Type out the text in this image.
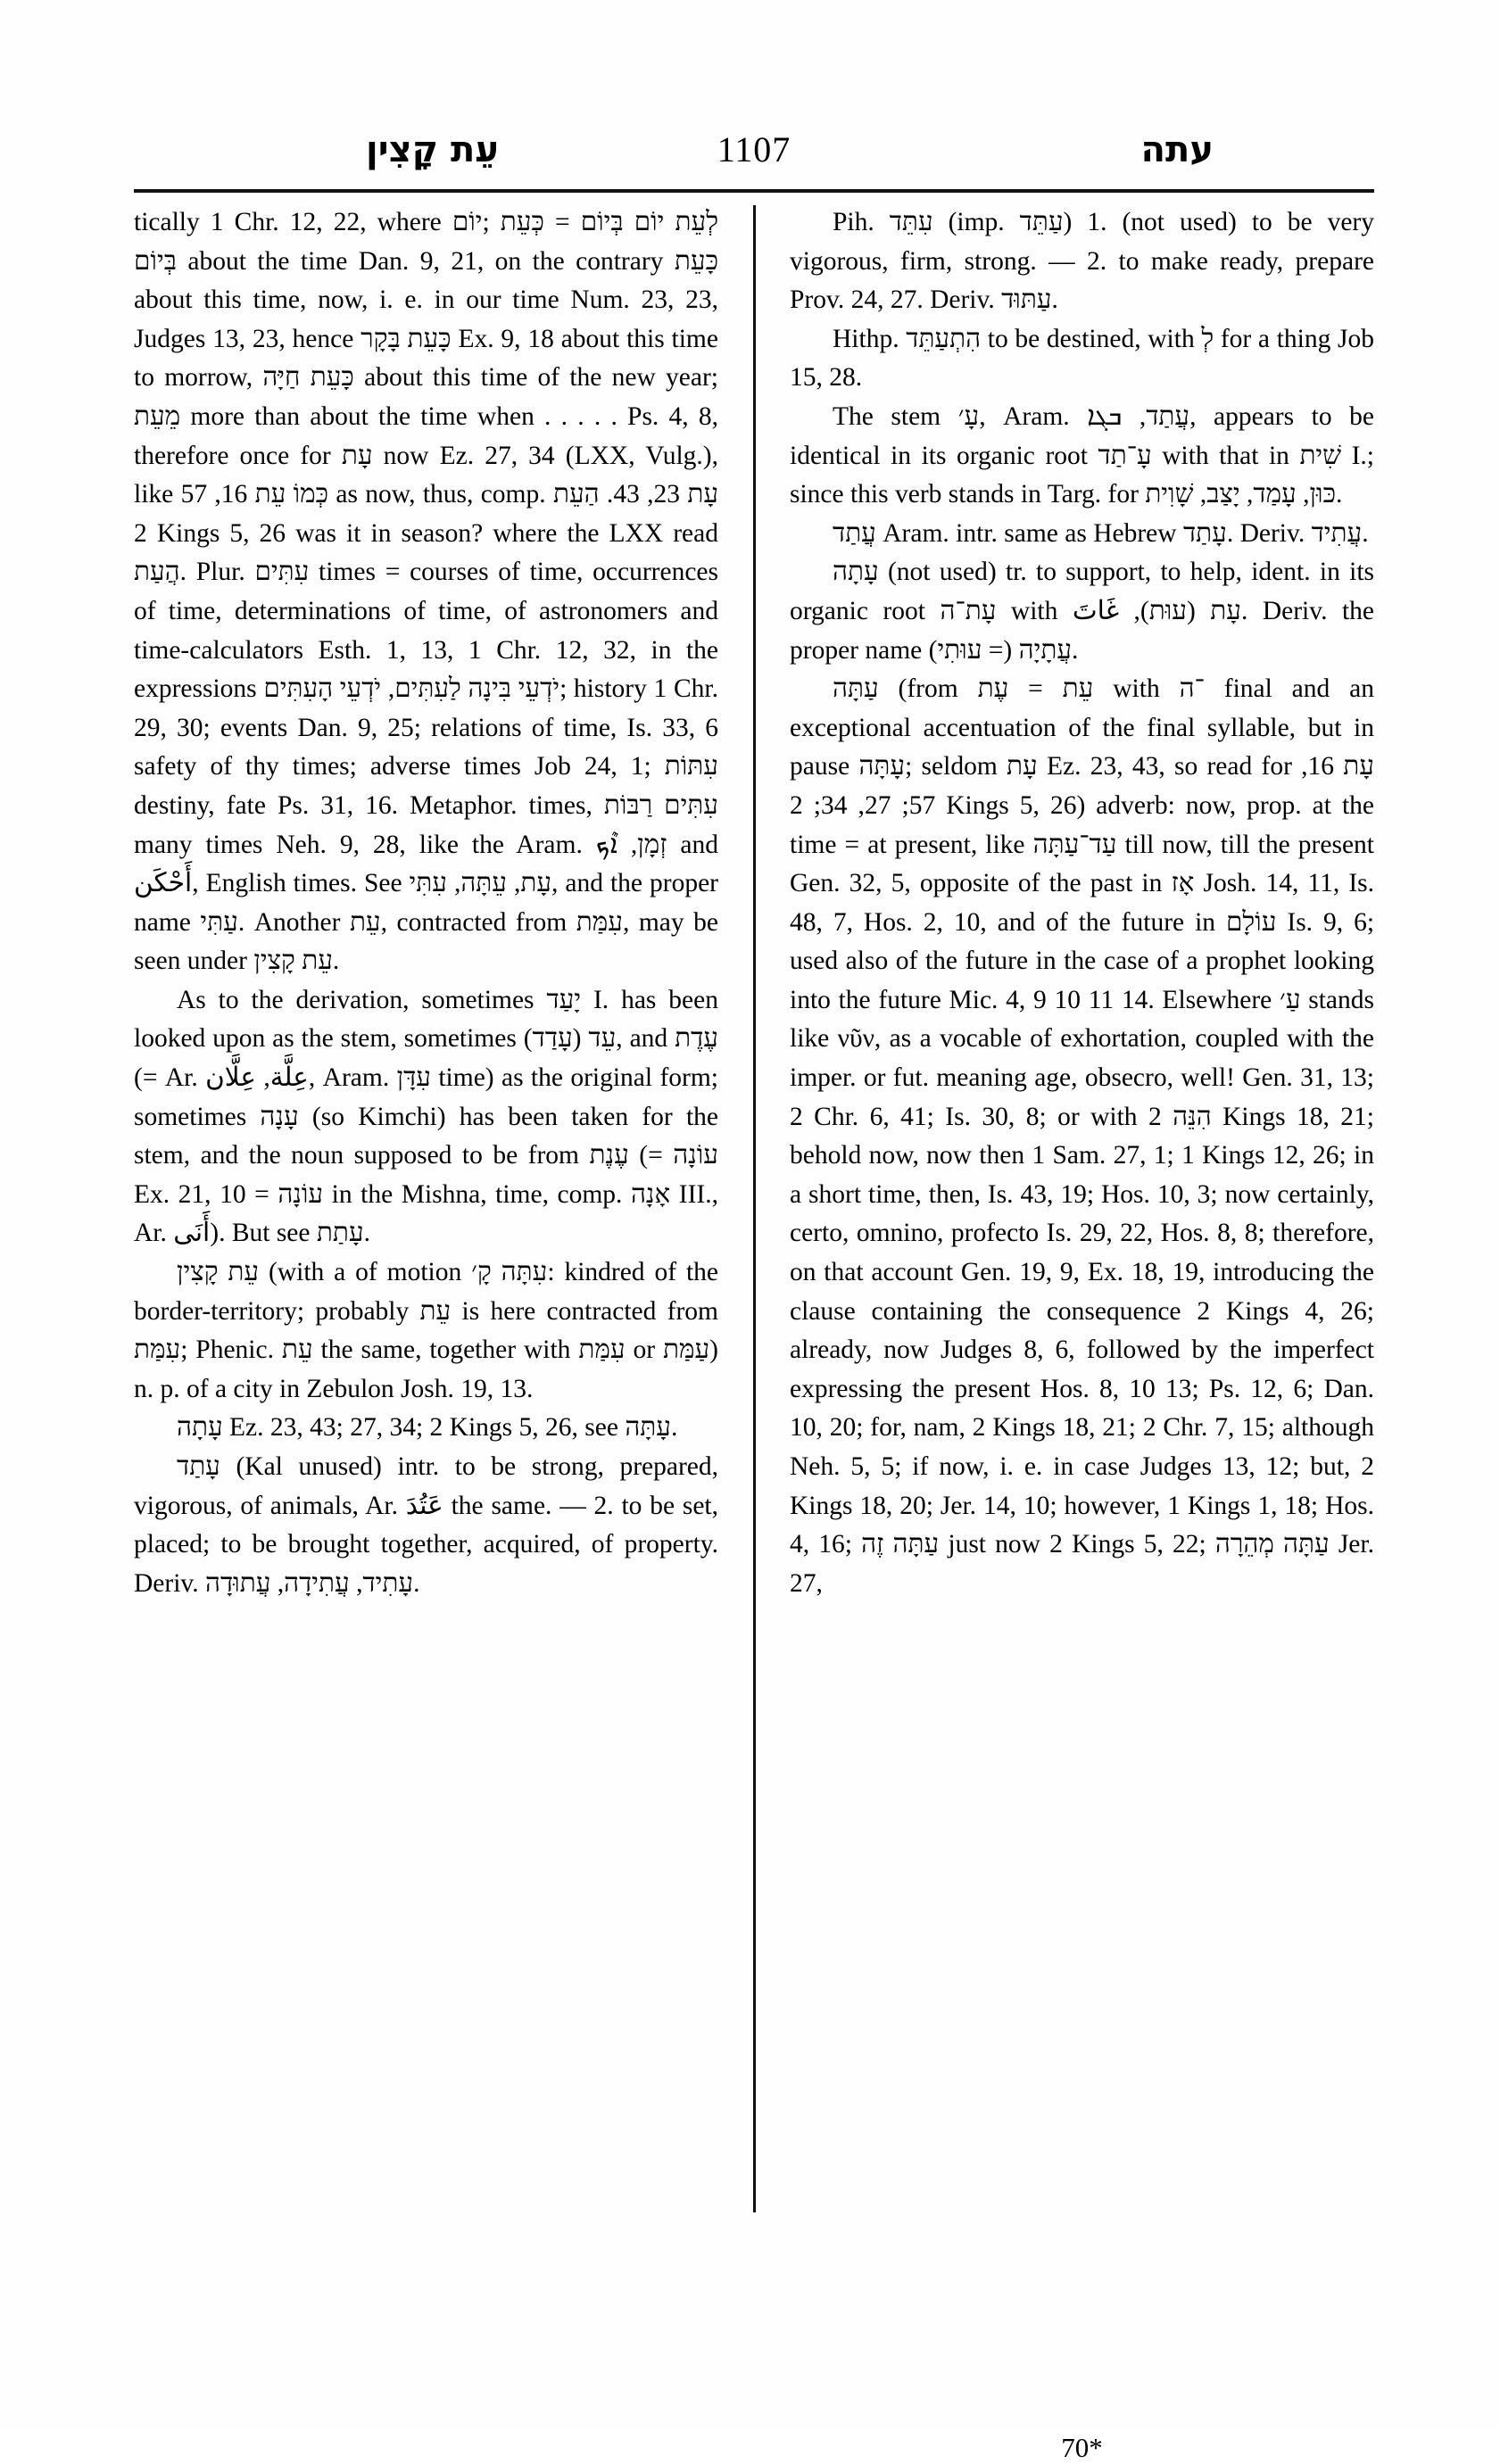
עֵת קָצִין	1107	עתה

tically 1 Chr. 12, 22, where לְעֵת יוֹם בְּיוֹם = כְּעֵת ;יוֹם בְּיוֹם about the time Dan. 9, 21, on the contrary כָּעֵת about this time, now, i. e. in our time Num. 23, 23, Judges 13, 23, hence כָּעֵת בָּקָר Ex. 9, 18 about this time to morrow, כָּעֵת חַיָּה about this time of the new year; מֵעֵת more than about the time when . . . . . Ps. 4, 8, therefore once for עָת now Ez. 27, 34 (LXX, Vulg.), like כְּמוֹ עֵת 16, 57 as now, thus, comp. עָת 23, 43. הַעֵת 2 Kings 5, 26 was it in season? where the LXX read הֲעַת. Plur. עִתִּים times = courses of time, occurrences of time, determinations of time, of astronomers and time-calculators Esth. 1, 13, 1 Chr. 12, 32, in the expressions יֹדְעֵי בִּינָה לַעִתִּים, יֹדְעֵי הָעִתִּים; history 1 Chr. 29, 30; events Dan. 9, 25; relations of time, Is. 33, 6 safety of thy times; adverse times Job 24, 1; עִתּוֹת destiny, fate Ps. 31, 16. Metaphor. times, עִתִּים רַבּוֹת many times Neh. 9, 28, like the Aram. זְמָן, ܐܶܟ and أَحْكَن, English times. See עָת, עֵתָּה, עִתִּי, and the proper name עַתִּי. Another עֵת, contracted from עִמַּת, may be seen under עֵת קָצִין.

As to the derivation, sometimes יָעַד I. has been looked upon as the stem, sometimes עֵד (עָדַד), and עֶדֶת (= Ar. عِلَّة, عِلَّان, Aram. עִדָּן time) as the original form; sometimes עָנָה (so Kimchi) has been taken for the stem, and the noun supposed to be from עֶנֶת (= עוֹנָה Ex. 21, 10 = עוֹנָה in the Mishna, time, comp. אָנָה III., Ar. أَنَى). But see עָתַת.

עֵת קָצִין (with a of motion עִתָּה קָ׳: kindred of the border-territory; probably עֵת is here contracted from עִמַּת; Phenic. עֵת the same, together with עִמַּת or עַמַּת) n. p. of a city in Zebulon Josh. 19, 13.

עָתָה Ez. 23, 43; 27, 34; 2 Kings 5, 26, see עָתָּה.

עָתַד (Kal unused) intr. to be strong, prepared, vigorous, of animals, Ar. عَتُدَ the same. — 2. to be set, placed; to be brought together, acquired, of property. Deriv. עָתִיד, עֲתִידָה, עֲתוּדָה.

Pih. עִתֵּד (imp. עַתֵּד) 1. (not used) to be very vigorous, firm, strong. — 2. to make ready, prepare Prov. 24, 27. Deriv. עַתּוּד.

Hithp. הִתְעַתֵּד to be destined, with לְ for a thing Job 15, 28.

The stem עָ׳, Aram. עֲתַד, ܒܓܐ, appears to be identical in its organic root עָ־תַד with that in שִׁית I.; since this verb stands in Targ. for כּוּן, עָמַד, יָצַב, שָׁוִית.

עֲתַד Aram. intr. same as Hebrew עָתַד. Deriv. עֲתִיד.

עָתָה (not used) tr. to support, to help, ident. in its organic root עָת־ה with עָת (עוּת), غَاتَ. Deriv. the proper name עֲתָיָה (= עוּתִי).

עַתָּה (from עֵת = עֶת with ־ה final and an exceptional accentuation of the final syllable, but in pause עָתָּה; seldom עָת Ez. 23, 43, so read for עָת 16, 57; 27, 34; 2 Kings 5, 26) adverb: now, prop. at the time = at present, like עַד־עַתָּה till now, till the present Gen. 32, 5, opposite of the past in אָז Josh. 14, 11, Is. 48, 7, Hos. 2, 10, and of the future in עוֹלָם Is. 9, 6; used also of the future in the case of a prophet looking into the future Mic. 4, 9 10 11 14. Elsewhere עַ׳ stands like νῦν, as a vocable of exhortation, coupled with the imper. or fut. meaning age, obsecro, well! Gen. 31, 13; 2 Chr. 6, 41; Is. 30, 8; or with הִנֵּה 2 Kings 18, 21; behold now, now then 1 Sam. 27, 1; 1 Kings 12, 26; in a short time, then, Is. 43, 19; Hos. 10, 3; now certainly, certo, omnino, profecto Is. 29, 22, Hos. 8, 8; therefore, on that account Gen. 19, 9, Ex. 18, 19, introducing the clause containing the consequence 2 Kings 4, 26; already, now Judges 8, 6, followed by the imperfect expressing the present Hos. 8, 10 13; Ps. 12, 6; Dan. 10, 20; for, nam, 2 Kings 18, 21; 2 Chr. 7, 15; although Neh. 5, 5; if now, i. e. in case Judges 13, 12; but, 2 Kings 18, 20; Jer. 14, 10; however, 1 Kings 1, 18; Hos. 4, 16; עַתָּה זֶה just now 2 Kings 5, 22; עַתָּה מְהֵרָה Jer. 27,

70*
